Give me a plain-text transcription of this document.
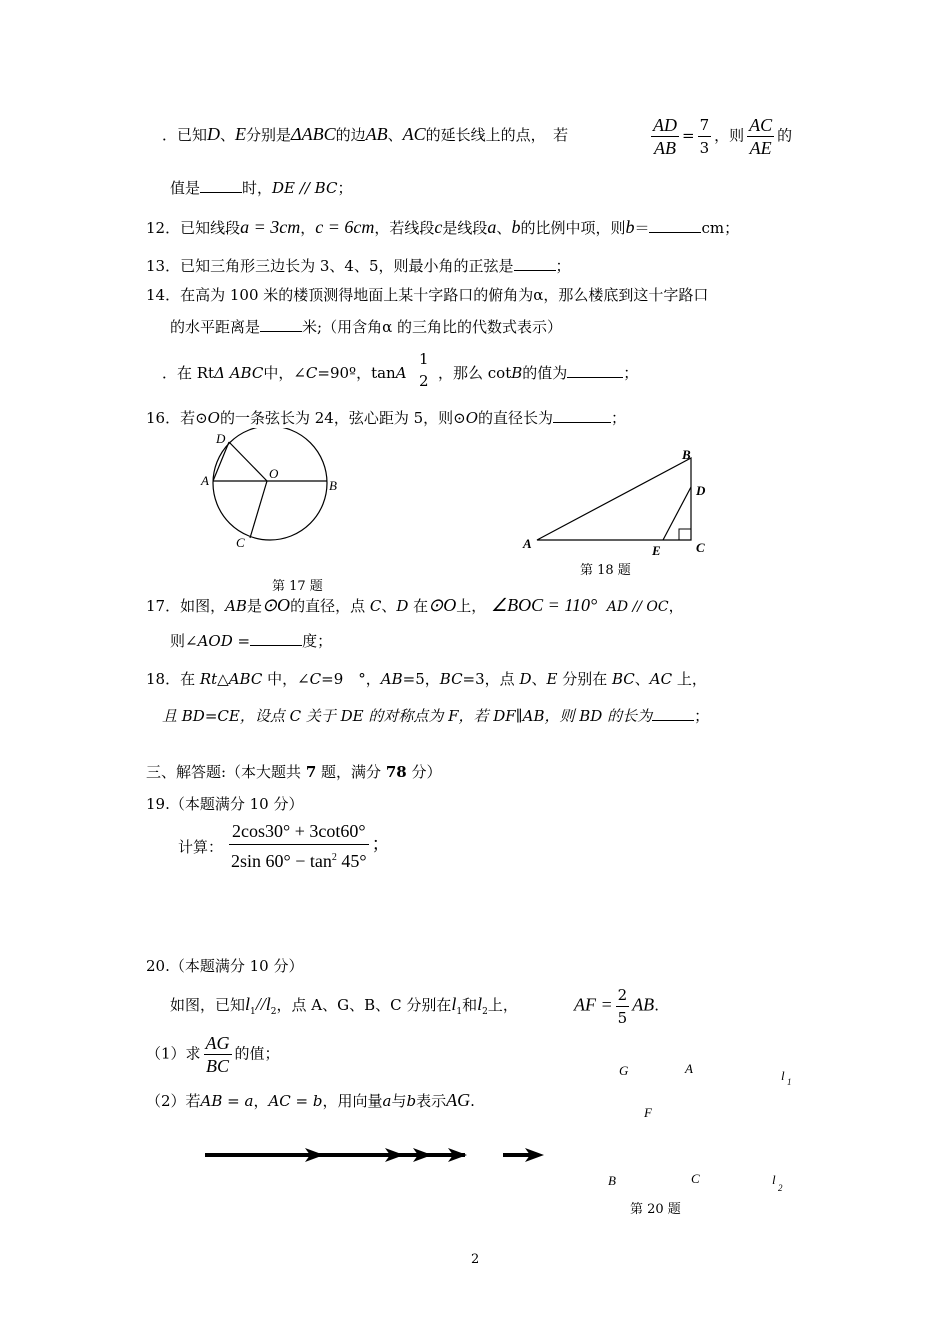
．已知D、E分别是ΔABC的边AB、AC的延长线上的点，　若	$\frac{AD}{AB} = \frac{7}{3}$ ，则 $\frac{AC}{AE}$ 的
值是	时，DE // BC；
12．已知线段a = 3cm，c = 6cm，若线段c是线段a、b的比例中项，则b＝	cm；
13．已知三角形三边长为 3、4、5，则最小角的正弦是	；
14．在高为 100 米的楼顶测得地面上某十字路口的俯角为α，那么楼底到这十字路口
的水平距离是	米;（用含角α 的三角比的代数式表示）
．在 RtΔ ABC中，∠C=90º，tanA
1
2 ，那么 cotB的值为	；
16．若⊙O的一条弦长为 24，弦心距为 5，则⊙O的直径长为	；
D
A	O
B
C
第 17 题
B
D
A	E	C
第 18 题
17．如图，AB是⊙O的直径，点 C、D 在⊙O上， ∠BOC = 110° AD // OC，
则∠AOD =	度；
18．在 Rt△ABC 中，∠C=9　°，AB=5，BC=3，点 D、E 分别在 BC、AC 上，
且 BD=CE，设点 C 关于 DE 的对称点为 F，若 DF∥AB，则 BD 的长为	；
三、解答题:（本大题共 7 题，满分 78 分）
19.（本题满分 10 分）
计算： $\frac{2\cos 30^\circ + 3\cot 60^\circ}{2\sin 60^\circ - \tan^2 45^\circ}$ ；
20.（本题满分 10 分）
如图，已知$l_1//l_2$，点 A、G、B、C 分别在$l_1$和$l_2$上，	AF = $\frac{2}{5}$ AB.
（1）求 $\frac{AG}{BC}$ 的值；
（2）若AB = a，AC = b，用向量a与b表示AG.
G	A	l 1
F
B	C	l
2
第 20 题
2
